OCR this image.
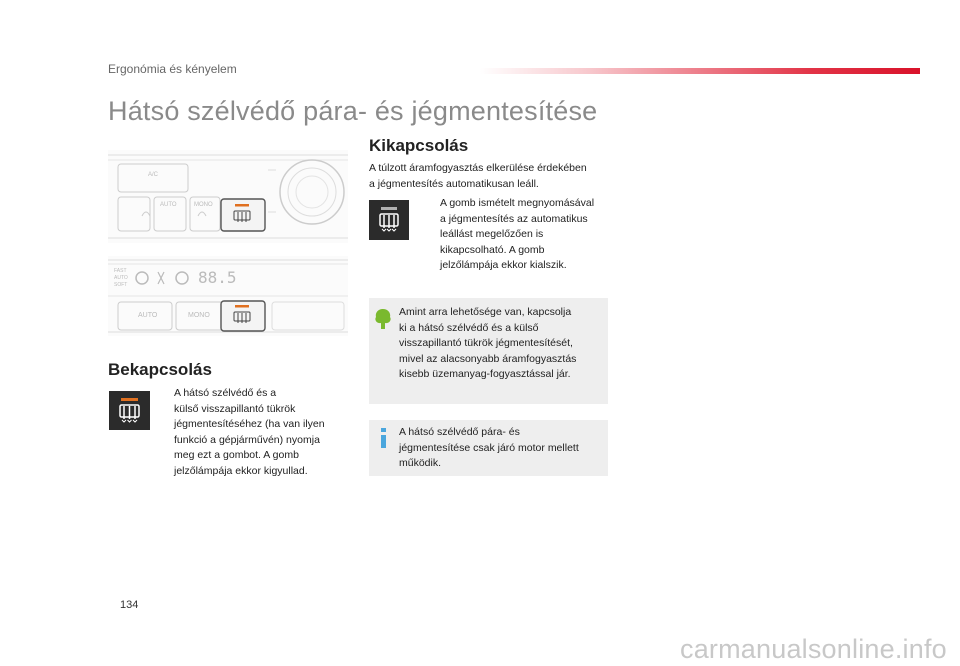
Ergonómia és kényelem
Hátsó szélvédő pára- és jégmentesítése
A/C
AUTO	MONO
FAST
AUTO
SOFT	88.5
AUTO	MONO
Bekapcsolás
A hátsó szélvédő és a
külső visszapillantó tükrök
jégmentesítéséhez (ha van ilyen
funkció a gépjárművén) nyomja
meg ezt a gombot. A gomb
jelzőlámpája ekkor kigyullad.
Kikapcsolás
A túlzott áramfogyasztás elkerülése érdekében
a jégmentesítés automatikusan leáll.
A gomb ismételt megnyomásával
a jégmentesítés az automatikus
leállást megelőzően is
kikapcsolható. A gomb
jelzőlámpája ekkor kialszik.
Amint arra lehetősége van, kapcsolja
ki a hátsó szélvédő és a külső
visszapillantó tükrök jégmentesítését,
mivel az alacsonyabb áramfogyasztás
kisebb üzemanyag-fogyasztással jár.
A hátsó szélvédő pára- és
jégmentesítése csak járó motor mellett
működik.
134
carmanualsonline.info
